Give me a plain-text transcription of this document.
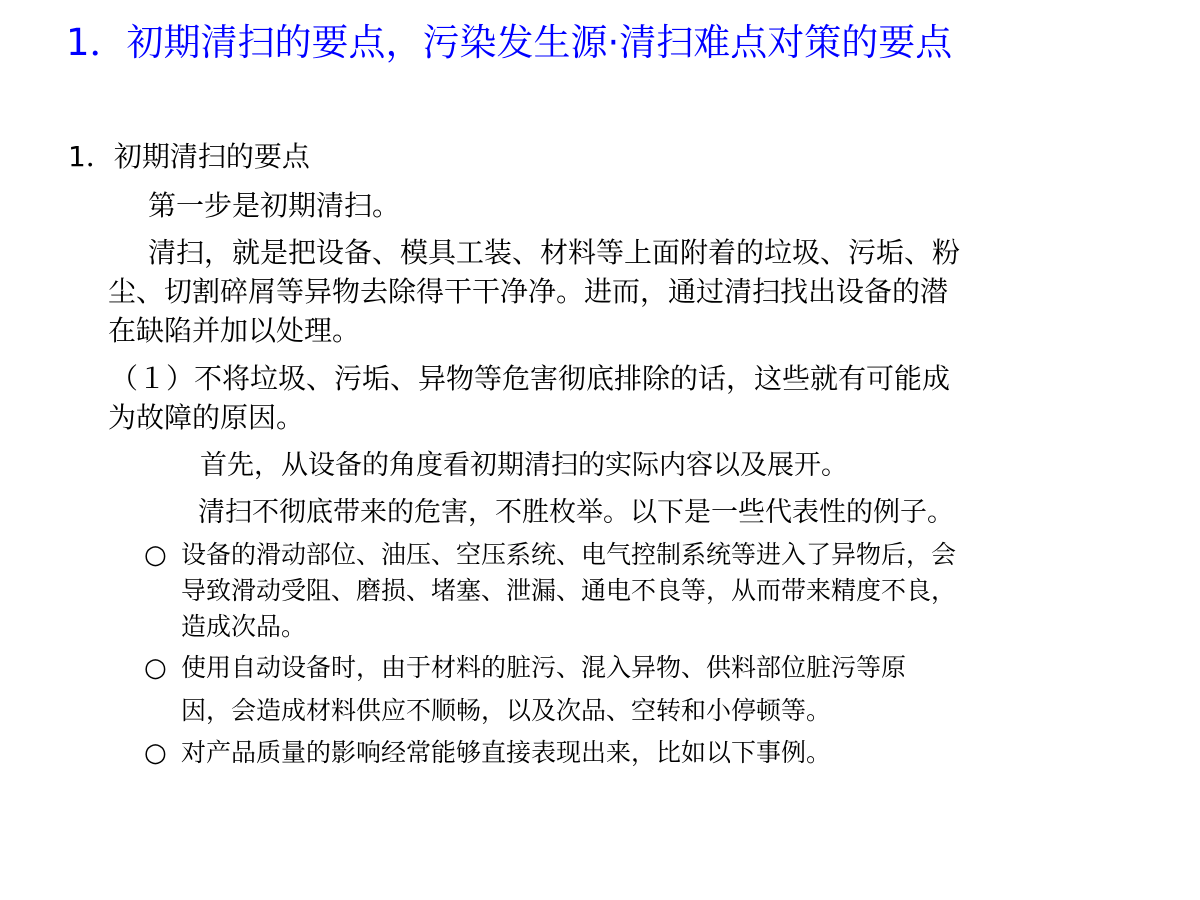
1．初期清扫的要点，污染发生源·清扫难点对策的要点

1．初期清扫的要点

第一步是初期清扫。

清扫，就是把设备、模具工装、材料等上面附着的垃圾、污垢、粉

尘、切割碎屑等异物去除得干干净净。进而，通过清扫找出设备的潜

在缺陷并加以处理。

（１）不将垃圾、污垢、异物等危害彻底排除的话，这些就有可能成

为故障的原因。

首先，从设备的角度看初期清扫的实际内容以及展开。

清扫不彻底带来的危害，不胜枚举。以下是一些代表性的例子。

○ 设备的滑动部位、油压、空压系统、电气控制系统等进入了异物后，会

导致滑动受阻、磨损、堵塞、泄漏、通电不良等，从而带来精度不良，

造成次品。

○ 使用自动设备时，由于材料的脏污、混入异物、供料部位脏污等原

因，会造成材料供应不顺畅，以及次品、空转和小停顿等。

○ 对产品质量的影响经常能够直接表现出来，比如以下事例。
